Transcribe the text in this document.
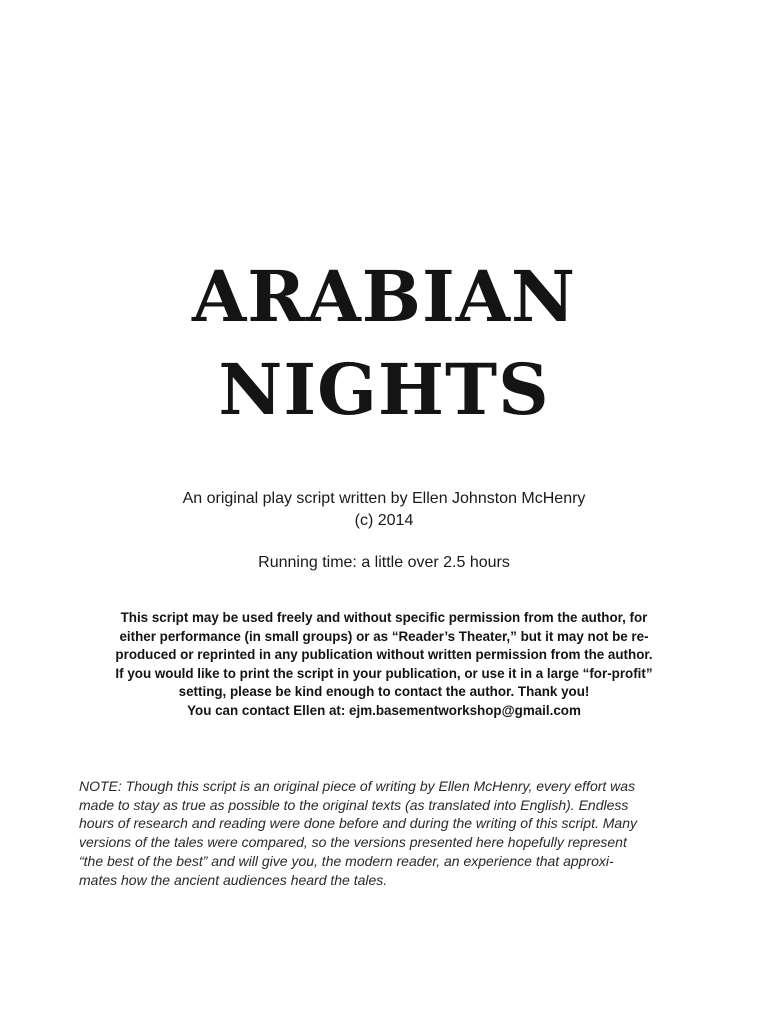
ARABIAN
NIGHTS
An original play script written by Ellen Johnston McHenry
(c) 2014
Running time: a little over 2.5 hours
This script may be used freely and without specific permission from the author, for
either performance (in small groups) or as “Reader’s Theater,” but it may not be re-
produced or reprinted in any publication without written permission from the author.
If you would like to print the script in your publication, or use it in a large “for-profit”
setting, please be kind enough to contact the author. Thank you!
You can contact Ellen at: ejm.basementworkshop@gmail.com
NOTE: Though this script is an original piece of writing by Ellen McHenry, every effort was
made to stay as true as possible to the original texts (as translated into English). Endless
hours of research and reading were done before and during the writing of this script. Many
versions of the tales were compared, so the versions presented here hopefully represent
“the best of the best” and will give you, the modern reader, an experience that approxi-
mates how the ancient audiences heard the tales.
